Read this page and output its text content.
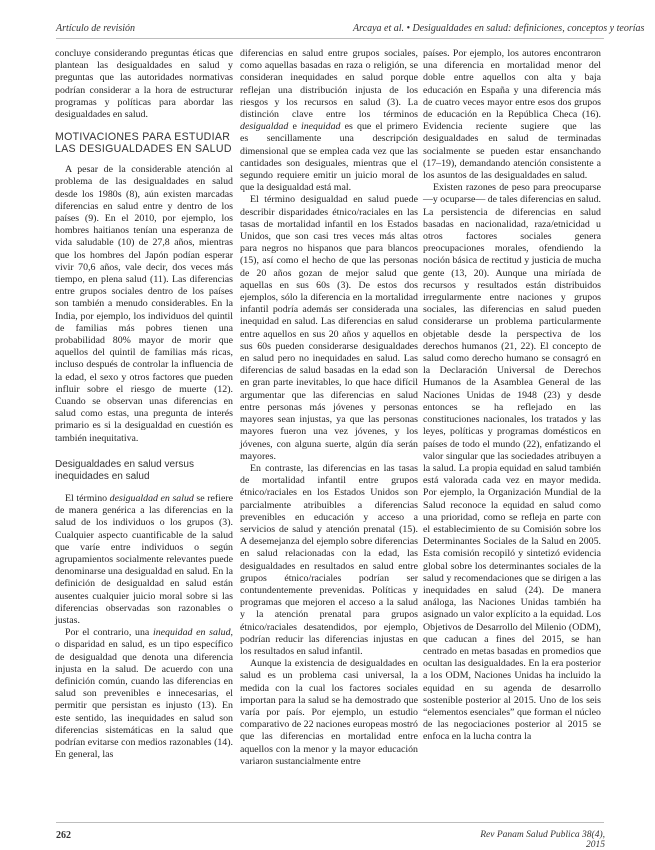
Artículo de revisión	Arcaya et al. • Desigualdades en salud: definiciones, conceptos y teorías

concluye considerando preguntas éticas que plantean las desigualdades en salud y preguntas que las autoridades normativas podrían considerar a la hora de estructurar programas y políticas para abordar las desigualdades en salud.

MOTIVACIONES PARA ESTUDIAR LAS DESIGUALDADES EN SALUD

A pesar de la considerable atención al problema de las desigualdades en salud desde los 1980s (8), aún existen marcadas diferencias en salud entre y dentro de los países (9). En el 2010, por ejemplo, los hombres haitianos tenían una esperanza de vida saludable (10) de 27,8 años, mientras que los hombres del Japón podían esperar vivir 70,6 años, vale decir, dos veces más tiempo, en plena salud (11). Las diferencias entre grupos sociales dentro de los países son también a menudo considerables. En la India, por ejemplo, los individuos del quintil de familias más pobres tienen una probabilidad 80% mayor de morir que aquellos del quintil de familias más ricas, incluso después de controlar la influencia de la edad, el sexo y otros factores que pueden influir sobre el riesgo de muerte (12). Cuando se observan unas diferencias en salud como estas, una pregunta de interés primario es si la desigualdad en cuestión es también inequitativa.

Desigualdades en salud versus inequidades en salud

El término desigualdad en salud se refiere de manera genérica a las diferencias en la salud de los individuos o los grupos (3). Cualquier aspecto cuantificable de la salud que varíe entre individuos o según agrupamientos socialmente relevantes puede denominarse una desigualdad en salud. En la definición de desigualdad en salud están ausentes cualquier juicio moral sobre si las diferencias observadas son razonables o justas.

Por el contrario, una inequidad en salud, o disparidad en salud, es un tipo específico de desigualdad que denota una diferencia injusta en la salud. De acuerdo con una definición común, cuando las diferencias en salud son prevenibles e innecesarias, el permitir que persistan es injusto (13). En este sentido, las inequidades en salud son diferencias sistemáticas en la salud que podrían evitarse con medios razonables (14). En general, las

diferencias en salud entre grupos sociales, como aquellas basadas en raza o religión, se consideran inequidades en salud porque reflejan una distribución injusta de los riesgos y los recursos en salud (3). La distinción clave entre los términos desigualdad e inequidad es que el primero es sencillamente una descripción dimensional que se emplea cada vez que las cantidades son desiguales, mientras que el segundo requiere emitir un juicio moral de que la desigualdad está mal.

El término desigualdad en salud puede describir disparidades étnico/raciales en las tasas de mortalidad infantil en los Estados Unidos, que son casi tres veces más altas para negros no hispanos que para blancos (15), así como el hecho de que las personas de 20 años gozan de mejor salud que aquellas en sus 60s (3). De estos dos ejemplos, sólo la diferencia en la mortalidad infantil podría además ser considerada una inequidad en salud. Las diferencias en salud entre aquellos en sus 20 años y aquellos en sus 60s pueden considerarse desigualdades en salud pero no inequidades en salud. Las diferencias de salud basadas en la edad son en gran parte inevitables, lo que hace difícil argumentar que las diferencias en salud entre personas más jóvenes y personas mayores sean injustas, ya que las personas mayores fueron una vez jóvenes, y los jóvenes, con alguna suerte, algún día serán mayores.

En contraste, las diferencias en las tasas de mortalidad infantil entre grupos étnico/raciales en los Estados Unidos son parcialmente atribuibles a diferencias prevenibles en educación y acceso a servicios de salud y atención prenatal (15). A desemejanza del ejemplo sobre diferencias en salud relacionadas con la edad, las desigualdades en resultados en salud entre grupos étnico/raciales podrían ser contundentemente prevenidas. Políticas y programas que mejoren el acceso a la salud y la atención prenatal para grupos étnico/raciales desatendidos, por ejemplo, podrían reducir las diferencias injustas en los resultados en salud infantil.

Aunque la existencia de desigualdades en salud es un problema casi universal, la medida con la cual los factores sociales importan para la salud se ha demostrado que varía por país. Por ejemplo, un estudio comparativo de 22 naciones europeas mostró que las diferencias en mortalidad entre aquellos con la menor y la mayor educación variaron sustancialmente entre

países. Por ejemplo, los autores encontraron una diferencia en mortalidad menor del doble entre aquellos con alta y baja educación en España y una diferencia más de cuatro veces mayor entre esos dos grupos de educación en la República Checa (16). Evidencia reciente sugiere que las desigualdades en salud de terminadas socialmente se pueden estar ensanchando (17–19), demandando atención consistente a los asuntos de las desigualdades en salud.

Existen razones de peso para preocuparse —y ocuparse— de tales diferencias en salud. La persistencia de diferencias en salud basadas en nacionalidad, raza/etnicidad u otros factores sociales genera preocupaciones morales, ofendiendo la noción básica de rectitud y justicia de mucha gente (13, 20). Aunque una miríada de recursos y resultados están distribuidos irregularmente entre naciones y grupos sociales, las diferencias en salud pueden considerarse un problema particularmente objetable desde la perspectiva de los derechos humanos (21, 22). El concepto de salud como derecho humano se consagró en la Declaración Universal de Derechos Humanos de la Asamblea General de las Naciones Unidas de 1948 (23) y desde entonces se ha reflejado en las constituciones nacionales, los tratados y las leyes, políticas y programas domésticos en países de todo el mundo (22), enfatizando el valor singular que las sociedades atribuyen a la salud. La propia equidad en salud también está valorada cada vez en mayor medida. Por ejemplo, la Organización Mundial de la Salud reconoce la equidad en salud como una prioridad, como se refleja en parte con el establecimiento de su Comisión sobre los Determinantes Sociales de la Salud en 2005. Esta comisión recopiló y sintetizó evidencia global sobre los determinantes sociales de la salud y recomendaciones que se dirigen a las inequidades en salud (24). De manera análoga, las Naciones Unidas también ha asignado un valor explícito a la equidad. Los Objetivos de Desarrollo del Milenio (ODM), que caducan a fines del 2015, se han centrado en metas basadas en promedios que ocultan las desigualdades. En la era posterior a los ODM, Naciones Unidas ha incluido la equidad en su agenda de desarrollo sostenible posterior al 2015. Uno de los seis “elementos esenciales” que forman el núcleo de las negociaciones posterior al 2015 se enfoca en la lucha contra la

262	Rev Panam Salud Publica 38(4), 2015
